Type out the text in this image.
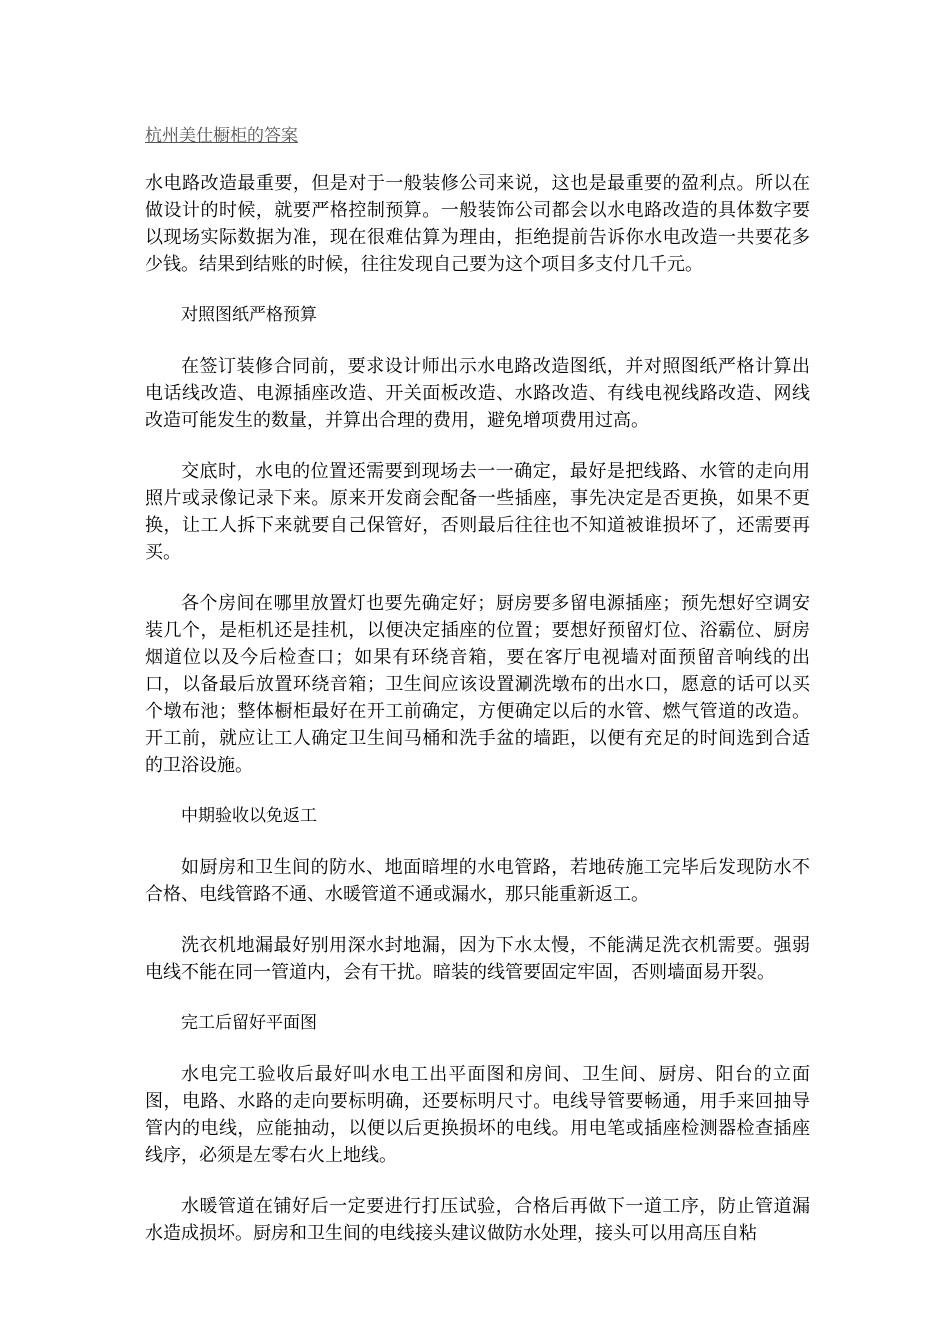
杭州美仕橱柜的答案

水电路改造最重要，但是对于一般装修公司来说，这也是最重要的盈利点。所以在做设计的时候，就要严格控制预算。一般装饰公司都会以水电路改造的具体数字要以现场实际数据为准，现在很难估算为理由，拒绝提前告诉你水电改造一共要花多少钱。结果到结账的时候，往往发现自己要为这个项目多支付几千元。

对照图纸严格预算

在签订装修合同前，要求设计师出示水电路改造图纸，并对照图纸严格计算出电话线改造、电源插座改造、开关面板改造、水路改造、有线电视线路改造、网线改造可能发生的数量，并算出合理的费用，避免增项费用过高。

交底时，水电的位置还需要到现场去一一确定，最好是把线路、水管的走向用照片或录像记录下来。原来开发商会配备一些插座，事先决定是否更换，如果不更换，让工人拆下来就要自己保管好，否则最后往往也不知道被谁损坏了，还需要再买。

各个房间在哪里放置灯也要先确定好；厨房要多留电源插座；预先想好空调安装几个，是柜机还是挂机，以便决定插座的位置；要想好预留灯位、浴霸位、厨房烟道位以及今后检查口；如果有环绕音箱，要在客厅电视墙对面预留音响线的出口，以备最后放置环绕音箱；卫生间应该设置涮洗墩布的出水口，愿意的话可以买个墩布池；整体橱柜最好在开工前确定，方便确定以后的水管、燃气管道的改造。开工前，就应让工人确定卫生间马桶和洗手盆的墙距，以便有充足的时间选到合适的卫浴设施。

中期验收以免返工

如厨房和卫生间的防水、地面暗埋的水电管路，若地砖施工完毕后发现防水不合格、电线管路不通、水暖管道不通或漏水，那只能重新返工。

洗衣机地漏最好别用深水封地漏，因为下水太慢，不能满足洗衣机需要。强弱电线不能在同一管道内，会有干扰。暗装的线管要固定牢固，否则墙面易开裂。

完工后留好平面图

水电完工验收后最好叫水电工出平面图和房间、卫生间、厨房、阳台的立面图，电路、水路的走向要标明确，还要标明尺寸。电线导管要畅通，用手来回抽导管内的电线，应能抽动，以便以后更换损坏的电线。用电笔或插座检测器检查插座线序，必须是左零右火上地线。

水暖管道在铺好后一定要进行打压试验，合格后再做下一道工序，防止管道漏水造成损坏。厨房和卫生间的电线接头建议做防水处理，接头可以用高压自粘
